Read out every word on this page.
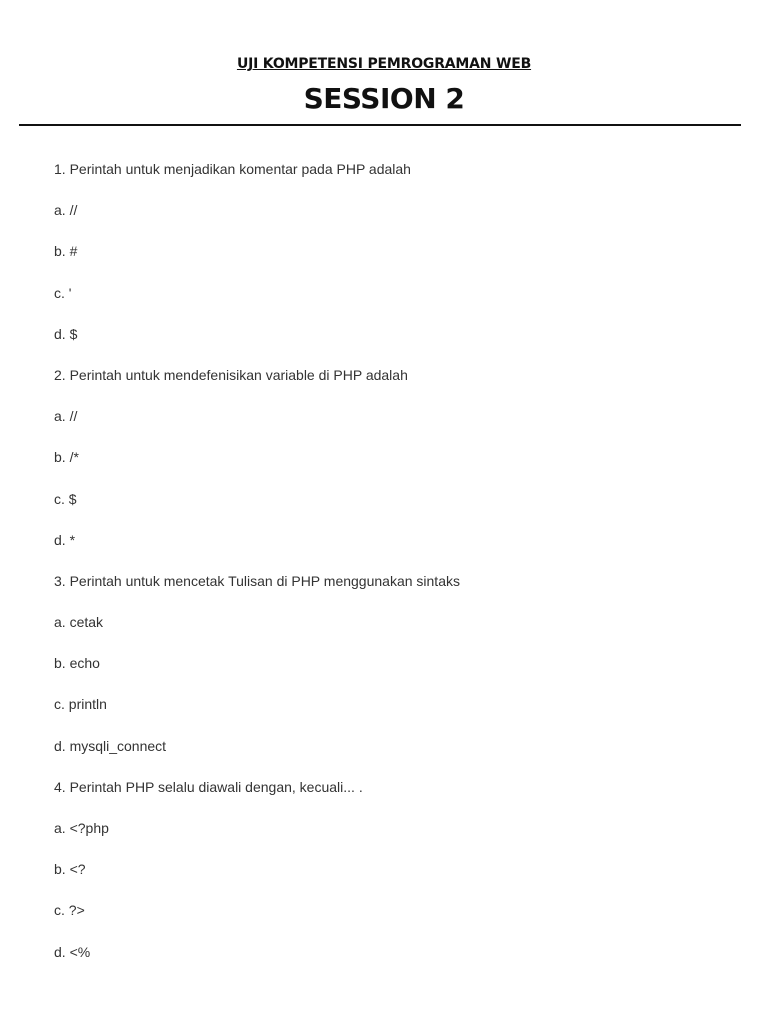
UJI KOMPETENSI PEMROGRAMAN WEB
SESSION 2
1. Perintah untuk menjadikan komentar pada PHP adalah
a. //
b. #
c. '
d. $
2. Perintah untuk mendefenisikan variable di PHP adalah
a. //
b. /*
c. $
d. *
3. Perintah untuk mencetak Tulisan di PHP menggunakan sintaks
a. cetak
b. echo
c. println
d. mysqli_connect
4. Perintah PHP selalu diawali dengan, kecuali... .
a. <?php
b. <?
c. ?>
d. <%
